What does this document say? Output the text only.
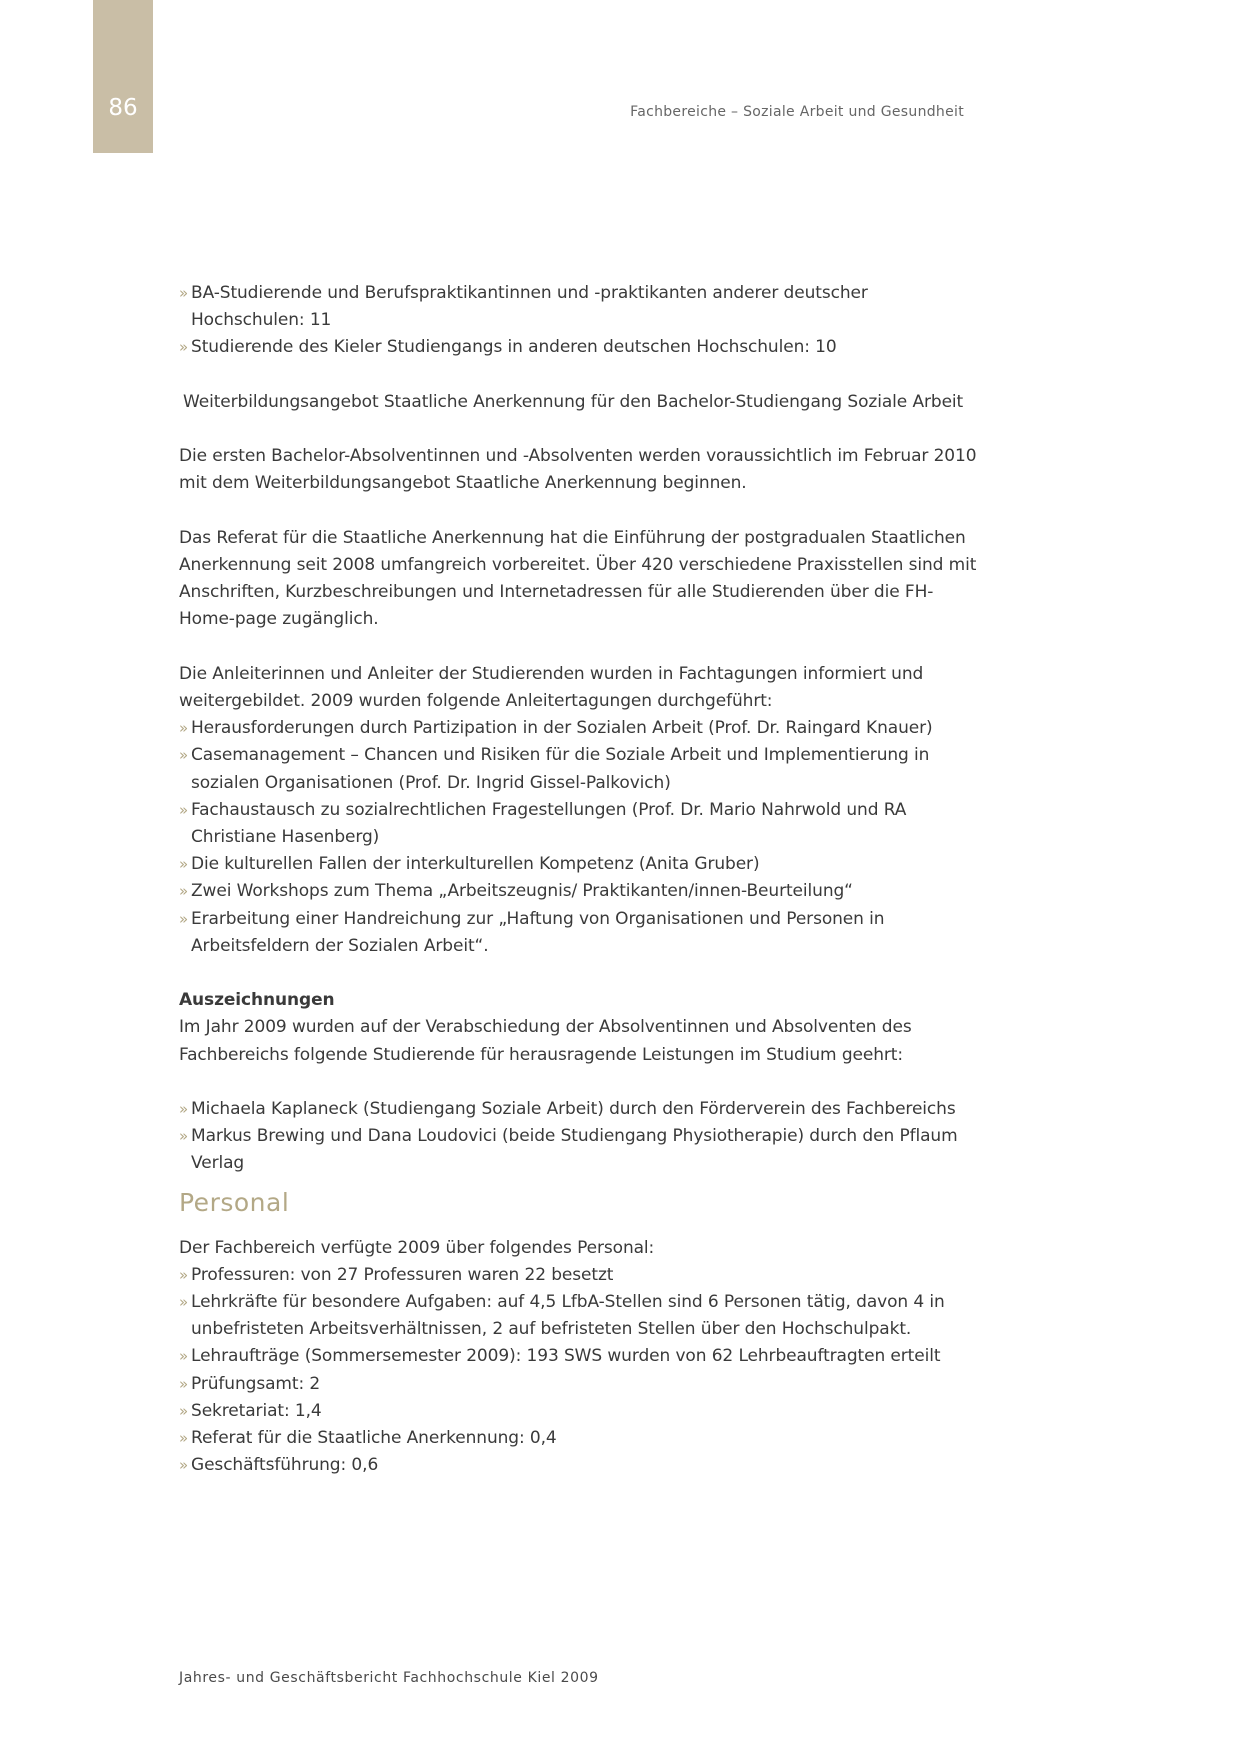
86	Fachbereiche – Soziale Arbeit und Gesundheit

» BA-Studierende und Berufspraktikantinnen und -praktikanten anderer deutscher Hochschulen: 11

» Studierende des Kieler Studiengangs in anderen deutschen Hochschulen: 10

Weiterbildungsangebot Staatliche Anerkennung für den Bachelor-Studiengang Soziale Arbeit

Die ersten Bachelor-Absolventinnen und -Absolventen werden voraussichtlich im Februar 2010 mit dem Weiterbildungsangebot Staatliche Anerkennung beginnen.

Das Referat für die Staatliche Anerkennung hat die Einführung der postgradualen Staatlichen Anerkennung seit 2008 umfangreich vorbereitet. Über 420 verschiedene Praxisstellen sind mit Anschriften, Kurzbeschreibungen und Internetadressen für alle Studierenden über die FH-Home-page zugänglich.

Die Anleiterinnen und Anleiter der Studierenden wurden in Fachtagungen informiert und weitergebildet. 2009 wurden folgende Anleitertagungen durchgeführt:

» Herausforderungen durch Partizipation in der Sozialen Arbeit (Prof. Dr. Raingard Knauer)

» Casemanagement – Chancen und Risiken für die Soziale Arbeit und Implementierung in sozialen Organisationen (Prof. Dr. Ingrid Gissel-Palkovich)

» Fachaustausch zu sozialrechtlichen Fragestellungen (Prof. Dr. Mario Nahrwold und RA Christiane Hasenberg)

» Die kulturellen Fallen der interkulturellen Kompetenz (Anita Gruber)

» Zwei Workshops zum Thema „Arbeitszeugnis/ Praktikanten/innen-Beurteilung“

» Erarbeitung einer Handreichung zur „Haftung von Organisationen und Personen in Arbeitsfeldern der Sozialen Arbeit“.

Auszeichnungen

Im Jahr 2009 wurden auf der Verabschiedung der Absolventinnen und Absolventen des Fachbereichs folgende Studierende für herausragende Leistungen im Studium geehrt:

» Michaela Kaplaneck (Studiengang Soziale Arbeit) durch den Förderverein des Fachbereichs

» Markus Brewing und Dana Loudovici (beide Studiengang Physiotherapie) durch den Pflaum Verlag

Personal

Der Fachbereich verfügte 2009 über folgendes Personal:

» Professuren: von 27 Professuren waren 22 besetzt

» Lehrkräfte für besondere Aufgaben: auf 4,5 LfbA-Stellen sind 6 Personen tätig, davon 4 in unbefristeten Arbeitsverhältnissen, 2 auf befristeten Stellen über den Hochschulpakt.

» Lehraufträge (Sommersemester 2009): 193 SWS wurden von 62 Lehrbeauftragten erteilt

» Prüfungsamt: 2

» Sekretariat: 1,4

» Referat für die Staatliche Anerkennung: 0,4

» Geschäftsführung: 0,6

Jahres- und Geschäftsbericht Fachhochschule Kiel 2009
